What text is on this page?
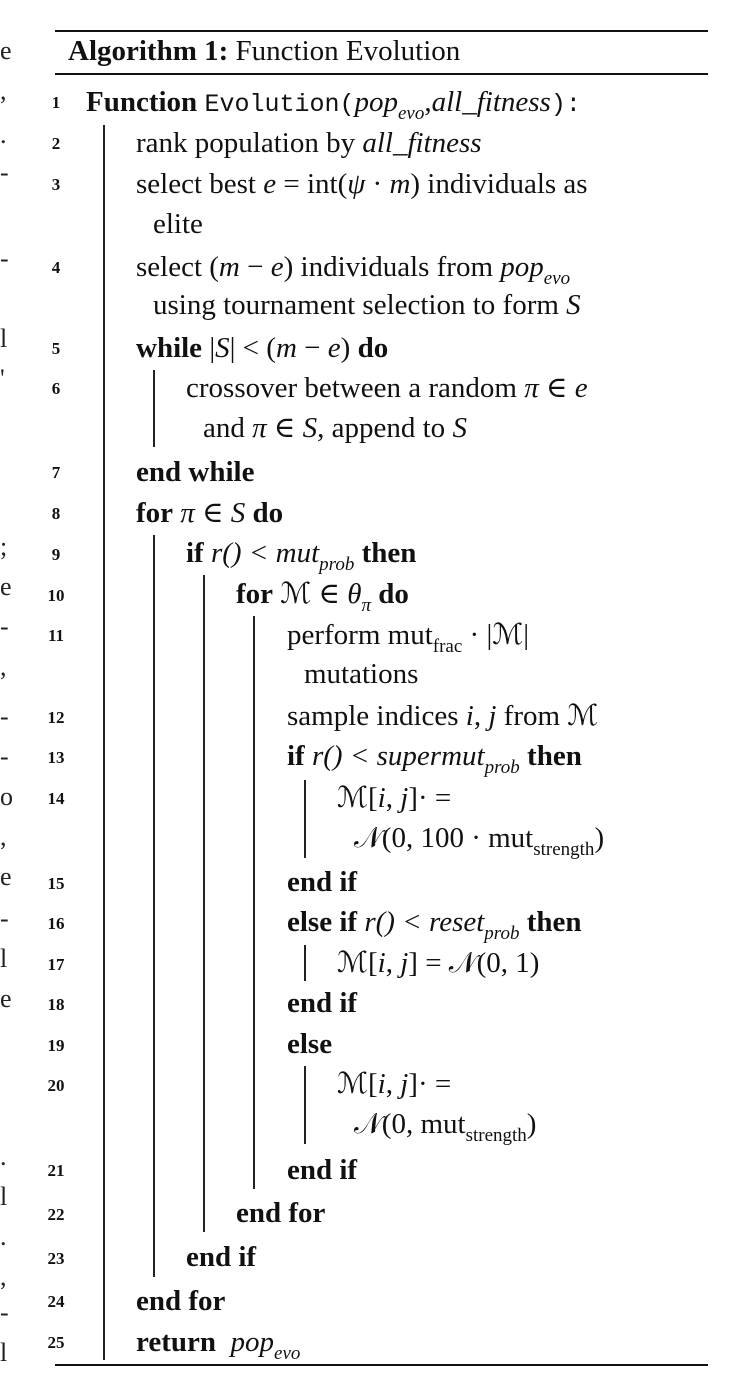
e
,
.
-
-
l
'
;
e
-
,
-
-
o
,
e
-
l
e
.
l
.
,
-
l
Algorithm 1: Function Evolution
1
2
3
4
5
6
7
8
9
10
11
12
13
14
15
16
17
18
19
20
21
22
23
24
25
Function Evolution(pop$_{evo}$,all_fitness):
rank population by all_fitness
select best e = int(ψ · m) individuals as
elite
select (m − e) individuals from pop$_{evo}$
using tournament selection to form S
while |S| < (m − e) do
crossover between a random π ∈ e
and π ∈ S, append to S
end while
for π ∈ S do
if r() < mut$_{prob}$ then
for ℳ ∈ $\theta_\pi$ do
perform mut$_{frac}$ · |ℳ|
mutations
sample indices i, j from ℳ
if r() < supermut$_{prob}$ then
ℳ[i, j]· =
𝒩(0, 100 · mut$_{strength}$)
end if
else if r() < reset$_{prob}$ then
ℳ[i, j] = 𝒩(0, 1)
end if
else
ℳ[i, j]· =
𝒩(0, mut$_{strength}$)
end if
end for
end if
end for
return pop$_{evo}$
